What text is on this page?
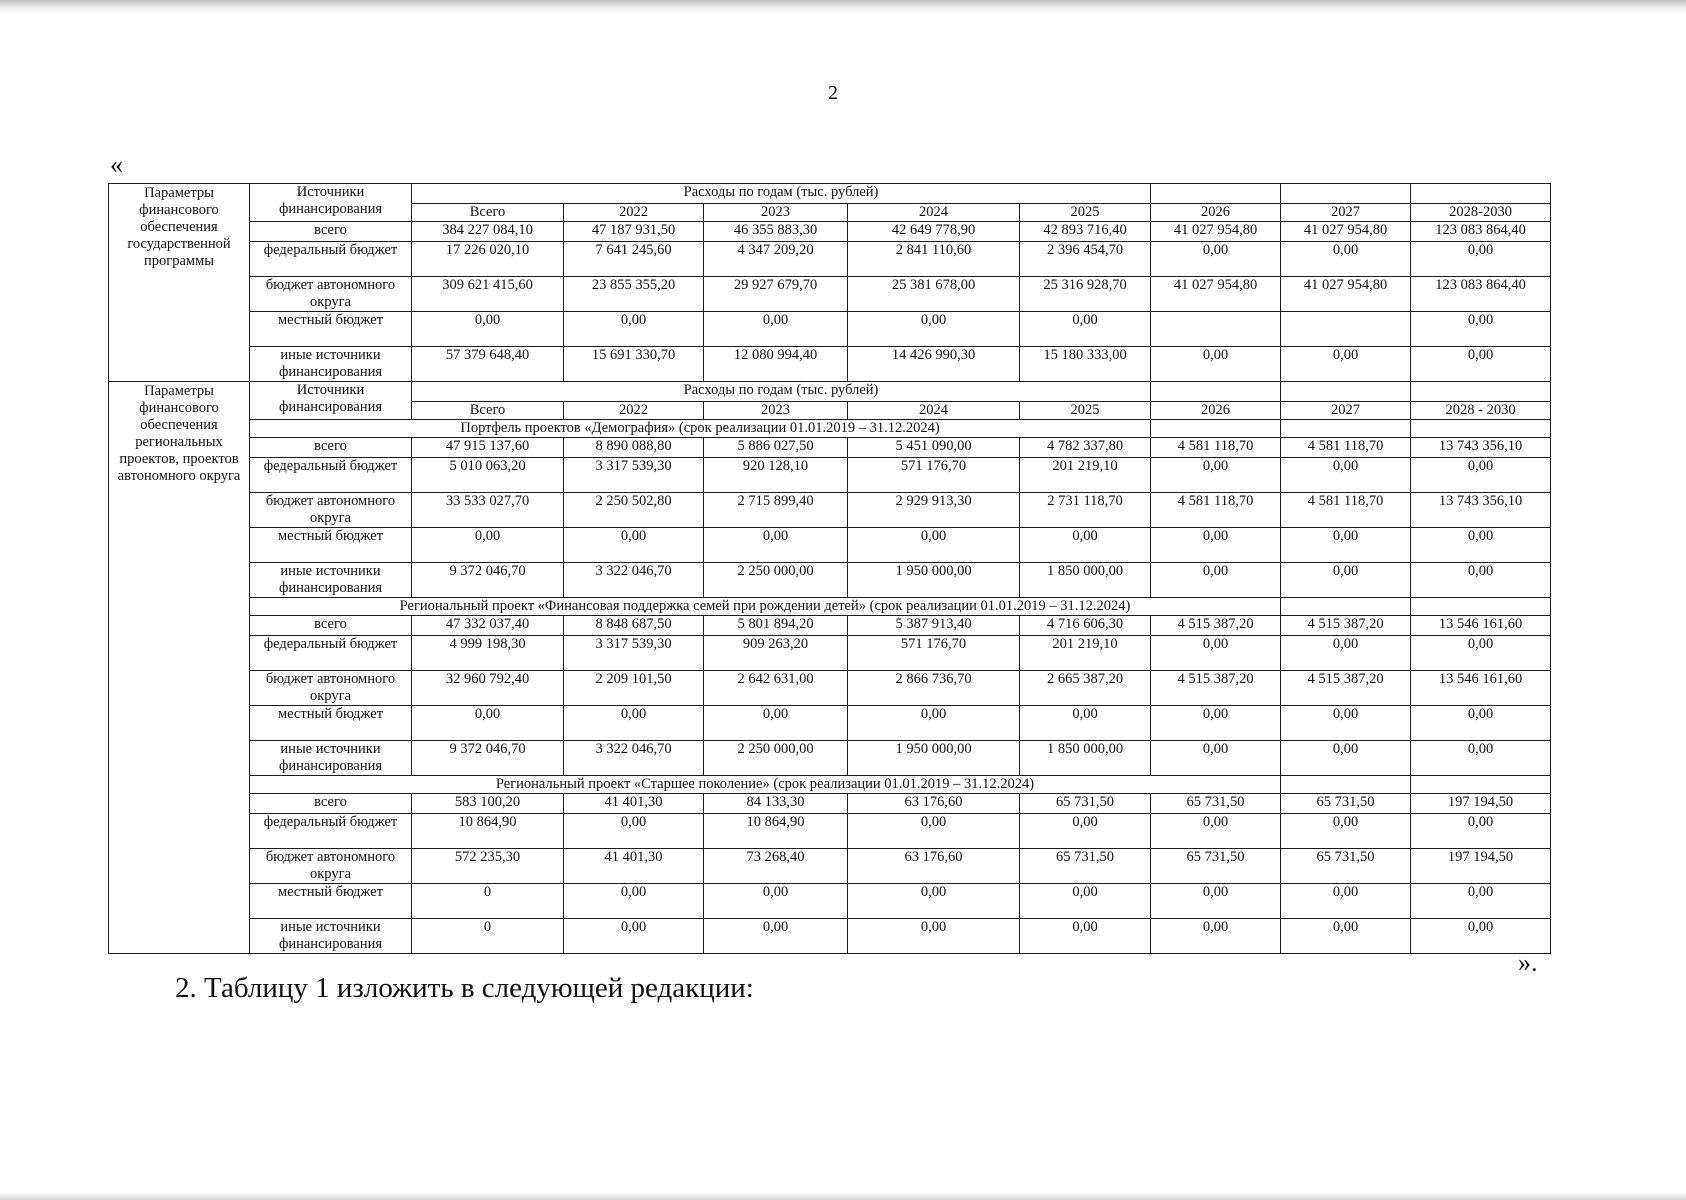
2
«
Параметры финансового обеспечения государственной программы	Источники финансирования	Расходы по годам (тыс. рублей)							
		Всего	2022	2023	2024	2025	2026	2027	2028-2030
	всего	384 227 084,10	47 187 931,50	46 355 883,30	42 649 778,90	42 893 716,40	41 027 954,80	41 027 954,80	123 083 864,40
	федеральный бюджет	17 226 020,10	7 641 245,60	4 347 209,20	2 841 110,60	2 396 454,70	0,00	0,00	0,00
	бюджет автономного округа	309 621 415,60	23 855 355,20	29 927 679,70	25 381 678,00	25 316 928,70	41 027 954,80	41 027 954,80	123 083 864,40
	местный бюджет	0,00	0,00	0,00	0,00	0,00			0,00
	иные источники финансирования	57 379 648,40	15 691 330,70	12 080 994,40	14 426 990,30	15 180 333,00	0,00	0,00	0,00
Параметры финансового обеспечения региональных проектов, проектов автономного округа	Источники финансирования	Расходы по годам (тыс. рублей)							
		Всего	2022	2023	2024	2025	2026	2027	2028 - 2030
	Портфель проектов «Демография» (срок реализации 01.01.2019 – 31.12.2024)								
	всего	47 915 137,60	8 890 088,80	5 886 027,50	5 451 090,00	4 782 337,80	4 581 118,70	4 581 118,70	13 743 356,10
	федеральный бюджет	5 010 063,20	3 317 539,30	920 128,10	571 176,70	201 219,10	0,00	0,00	0,00
	бюджет автономного округа	33 533 027,70	2 250 502,80	2 715 899,40	2 929 913,30	2 731 118,70	4 581 118,70	4 581 118,70	13 743 356,10
	местный бюджет	0,00	0,00	0,00	0,00	0,00	0,00	0,00	0,00
	иные источники финансирования	9 372 046,70	3 322 046,70	2 250 000,00	1 950 000,00	1 850 000,00	0,00	0,00	0,00
	Региональный проект «Финансовая поддержка семей при рождении детей» (срок реализации 01.01.2019 – 31.12.2024)								
	всего	47 332 037,40	8 848 687,50	5 801 894,20	5 387 913,40	4 716 606,30	4 515 387,20	4 515 387,20	13 546 161,60
	федеральный бюджет	4 999 198,30	3 317 539,30	909 263,20	571 176,70	201 219,10	0,00	0,00	0,00
	бюджет автономного округа	32 960 792,40	2 209 101,50	2 642 631,00	2 866 736,70	2 665 387,20	4 515 387,20	4 515 387,20	13 546 161,60
	местный бюджет	0,00	0,00	0,00	0,00	0,00	0,00	0,00	0,00
	иные источники финансирования	9 372 046,70	3 322 046,70	2 250 000,00	1 950 000,00	1 850 000,00	0,00	0,00	0,00
	Региональный проект «Старшее поколение» (срок реализации 01.01.2019 – 31.12.2024)								
	всего	583 100,20	41 401,30	84 133,30	63 176,60	65 731,50	65 731,50	65 731,50	197 194,50
	федеральный бюджет	10 864,90	0,00	10 864,90	0,00	0,00	0,00	0,00	0,00
	бюджет автономного округа	572 235,30	41 401,30	73 268,40	63 176,60	65 731,50	65 731,50	65 731,50	197 194,50
	местный бюджет	0	0,00	0,00	0,00	0,00	0,00	0,00	0,00
	иные источники финансирования	0	0,00	0,00	0,00	0,00	0,00	0,00	0,00
».
2. Таблицу 1 изложить в следующей редакции:
